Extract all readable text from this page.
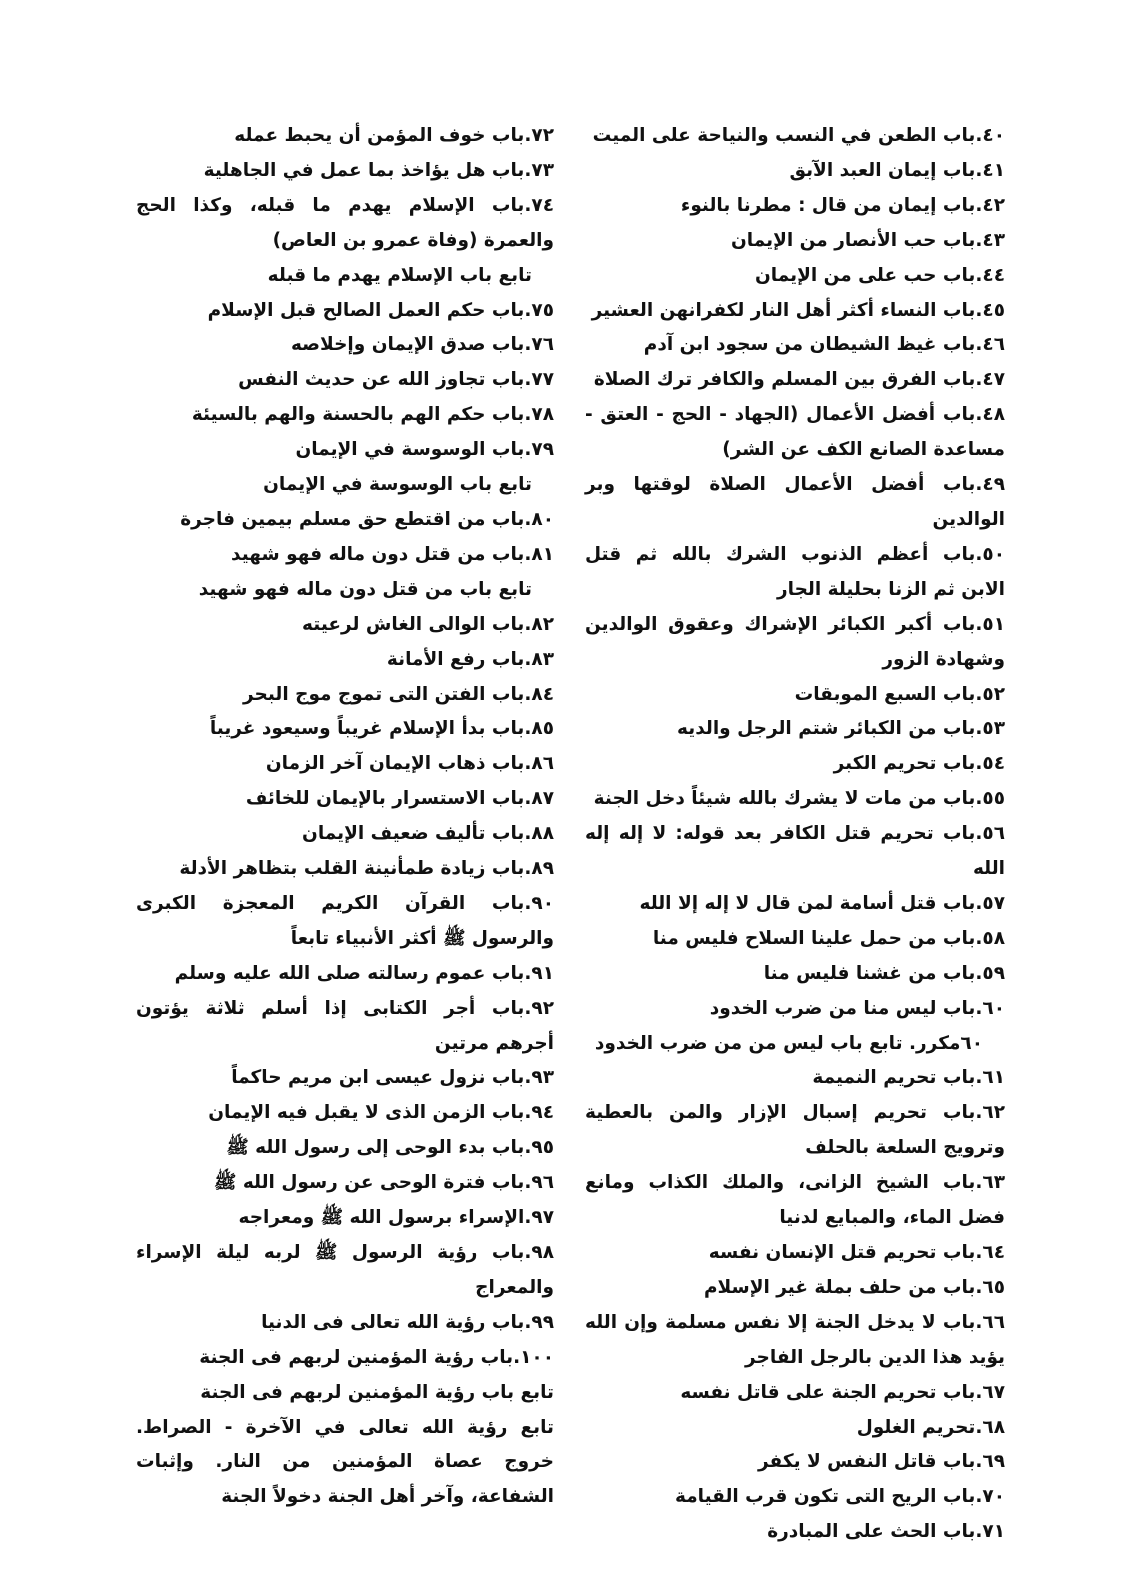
٤٠.باب الطعن في النسب والنياحة على الميت

٤١.باب إيمان العبد الآبق

٤٢.باب إيمان من قال : مطرنا بالنوء

٤٣.باب حب الأنصار من الإيمان

٤٤.باب حب على من الإيمان

٤٥.باب النساء أكثر أهل النار لكفرانهن العشير

٤٦.باب غيظ الشيطان من سجود ابن آدم

٤٧.باب الفرق بين المسلم والكافر ترك الصلاة

٤٨.باب أفضل الأعمال (الجهاد - الحج - العتق - مساعدة الصانع الكف عن الشر)

٤٩.باب أفضل الأعمال الصلاة لوقتها وبر الوالدين

٥٠.باب أعظم الذنوب الشرك بالله ثم قتل الابن ثم الزنا بحليلة الجار

٥١.باب أكبر الكبائر الإشراك وعقوق الوالدين وشهادة الزور

٥٢.باب السبع الموبقات

٥٣.باب من الكبائر شتم الرجل والديه

٥٤.باب تحريم الكبر

٥٥.باب من مات لا يشرك بالله شيئاً دخل الجنة

٥٦.باب تحريم قتل الكافر بعد قوله: لا إله إله الله

٥٧.باب قتل أسامة لمن قال لا إله إلا الله

٥٨.باب من حمل علينا السلاح فليس منا

٥٩.باب من غشنا فليس منا

٦٠.باب ليس منا من ضرب الخدود

٦٠مكرر. تابع باب ليس من من ضرب الخدود

٦١.باب تحريم النميمة

٦٢.باب تحريم إسبال الإزار والمن بالعطية وترويج السلعة بالحلف

٦٣.باب الشيخ الزانى، والملك الكذاب ومانع فضل الماء، والمبايع لدنيا

٦٤.باب تحريم قتل الإنسان نفسه

٦٥.باب من حلف بملة غير الإسلام

٦٦.باب لا يدخل الجنة إلا نفس مسلمة وإن الله يؤيد هذا الدين بالرجل الفاجر

٦٧.باب تحريم الجنة على قاتل نفسه

٦٨.تحريم الغلول

٦٩.باب قاتل النفس لا يكفر

٧٠.باب الريح التى تكون قرب القيامة

٧١.باب الحث على المبادرة

٧٢.باب خوف المؤمن أن يحبط عمله

٧٣.باب هل يؤاخذ بما عمل في الجاهلية

٧٤.باب الإسلام يهدم ما قبله، وكذا الحج والعمرة (وفاة عمرو بن العاص)

تابع باب الإسلام يهدم ما قبله

٧٥.باب حكم العمل الصالح قبل الإسلام

٧٦.باب صدق الإيمان وإخلاصه

٧٧.باب تجاوز الله عن حديث النفس

٧٨.باب حكم الهم بالحسنة والهم بالسيئة

٧٩.باب الوسوسة في الإيمان

تابع باب الوسوسة في الإيمان

٨٠.باب من اقتطع حق مسلم بيمين فاجرة

٨١.باب من قتل دون ماله فهو شهيد

تابع باب من قتل دون ماله فهو شهيد

٨٢.باب الوالى الغاش لرعيته

٨٣.باب رفع الأمانة

٨٤.باب الفتن التى تموج موج البحر

٨٥.باب بدأ الإسلام غريباً وسيعود غريباً

٨٦.باب ذهاب الإيمان آخر الزمان

٨٧.باب الاستسرار بالإيمان للخائف

٨٨.باب تأليف ضعيف الإيمان

٨٩.باب زيادة طمأنينة القلب بتظاهر الأدلة

٩٠.باب القرآن الكريم المعجزة الكبرى والرسول ﷺ أكثر الأنبياء تابعاً

٩١.باب عموم رسالته صلى الله عليه وسلم

٩٢.باب أجر الكتابى إذا أسلم ثلاثة يؤتون أجرهم مرتين

٩٣.باب نزول عيسى ابن مريم حاكماً

٩٤.باب الزمن الذى لا يقبل فيه الإيمان

٩٥.باب بدء الوحى إلى رسول الله ﷺ

٩٦.باب فترة الوحى عن رسول الله ﷺ

٩٧.الإسراء برسول الله ﷺ ومعراجه

٩٨.باب رؤية الرسول ﷺ لربه ليلة الإسراء والمعراج

٩٩.باب رؤية الله تعالى فى الدنيا

١٠٠.باب رؤية المؤمنين لربهم فى الجنة

تابع باب رؤية المؤمنين لربهم فى الجنة

تابع رؤية الله تعالى في الآخرة - الصراط. خروج عصاة المؤمنين من النار. وإثبات الشفاعة، وآخر أهل الجنة دخولاً الجنة
